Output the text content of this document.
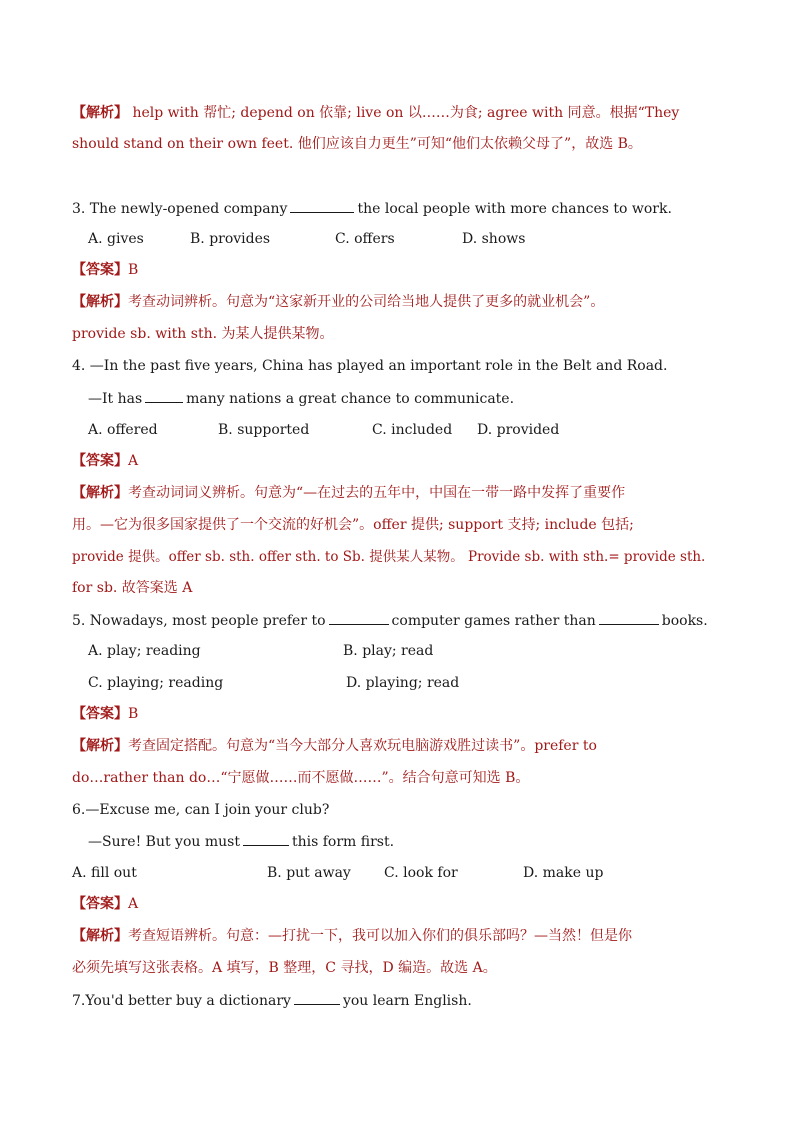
【解析】 help with 帮忙; depend on 依靠; live on 以……为食; agree with 同意。根据“They
should stand on their own feet. 他们应该自力更生”可知“他们太依赖父母了”，故选 B。
3. The newly-opened company	the local people with more chances to work.
A. gives	B. provides	C. offers	D. shows
【答案】B
【解析】考查动词辨析。句意为“这家新开业的公司给当地人提供了更多的就业机会”。
provide sb. with sth. 为某人提供某物。
4. —In the past five years, China has played an important role in the Belt and Road.
—It has	many nations a great chance to communicate.
A. offered	B. supported	C. included D. provided
【答案】A
【解析】考查动词词义辨析。句意为“—在过去的五年中，中国在一带一路中发挥了重要作
用。—它为很多国家提供了一个交流的好机会”。offer 提供; support 支持; include 包括;
provide 提供。offer sb. sth. offer sth. to Sb. 提供某人某物。 Provide sb. with sth.= provide sth.
for sb. 故答案选 A
5. Nowadays, most people prefer to	computer games rather than	books.
A. play; reading	B. play; read
C. playing; reading	D. playing; read
【答案】B
【解析】考查固定搭配。句意为“当今大部分人喜欢玩电脑游戏胜过读书”。prefer to
do…rather than do…“宁愿做……而不愿做……”。结合句意可知选 B。
6.—Excuse me, can I join your club?
—Sure! But you must	this form first.
A. fill out	B. put away C. look for	D. make up
【答案】A
【解析】考查短语辨析。句意：—打扰一下，我可以加入你们的俱乐部吗？—当然！但是你
必须先填写这张表格。A 填写，B 整理，C 寻找，D 编造。故选 A。
7.You'd better buy a dictionary	you learn English.
